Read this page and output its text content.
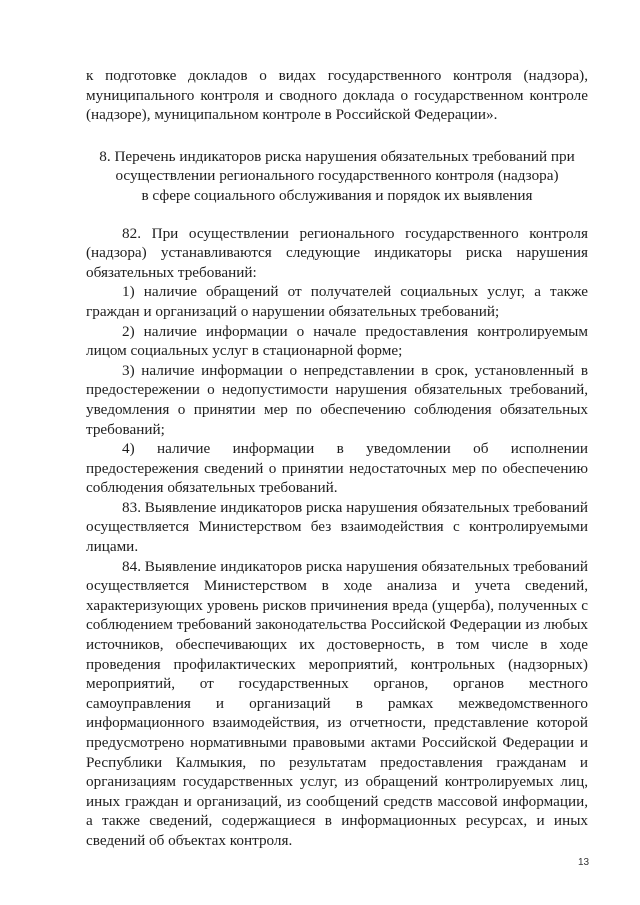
к подготовке докладов о видах государственного контроля (надзора), муниципального контроля и сводного доклада о государственном контроле (надзоре), муниципальном контроле в Российской Федерации».

8. Перечень индикаторов риска нарушения обязательных требований при
осуществлении регионального государственного контроля (надзора)
в сфере социального обслуживания и порядок их выявления

82. При осуществлении регионального государственного контроля (надзора) устанавливаются следующие индикаторы риска нарушения обязательных требований:

1) наличие обращений от получателей социальных услуг, а также граждан и организаций о нарушении обязательных требований;

2) наличие информации о начале предоставления контролируемым лицом социальных услуг в стационарной форме;

3) наличие информации о непредставлении в срок, установленный в предостережении о недопустимости нарушения обязательных требований, уведомления о принятии мер по обеспечению соблюдения обязательных требований;

4) наличие информации в уведомлении об исполнении предостережения сведений о принятии недостаточных мер по обеспечению соблюдения обязательных требований.

83. Выявление индикаторов риска нарушения обязательных требований осуществляется Министерством без взаимодействия с контролируемыми лицами.

84. Выявление индикаторов риска нарушения обязательных требований осуществляется Министерством в ходе анализа и учета сведений, характеризующих уровень рисков причинения вреда (ущерба), полученных с соблюдением требований законодательства Российской Федерации из любых источников, обеспечивающих их достоверность, в том числе в ходе проведения профилактических мероприятий, контрольных (надзорных) мероприятий, от государственных органов, органов местного самоуправления и организаций в рамках межведомственного информационного взаимодействия, из отчетности, представление которой предусмотрено нормативными правовыми актами Российской Федерации и Республики Калмыкия, по результатам предоставления гражданам и организациям государственных услуг, из обращений контролируемых лиц, иных граждан и организаций, из сообщений средств массовой информации, а также сведений, содержащиеся в информационных ресурсах, и иных сведений об объектах контроля.

13
